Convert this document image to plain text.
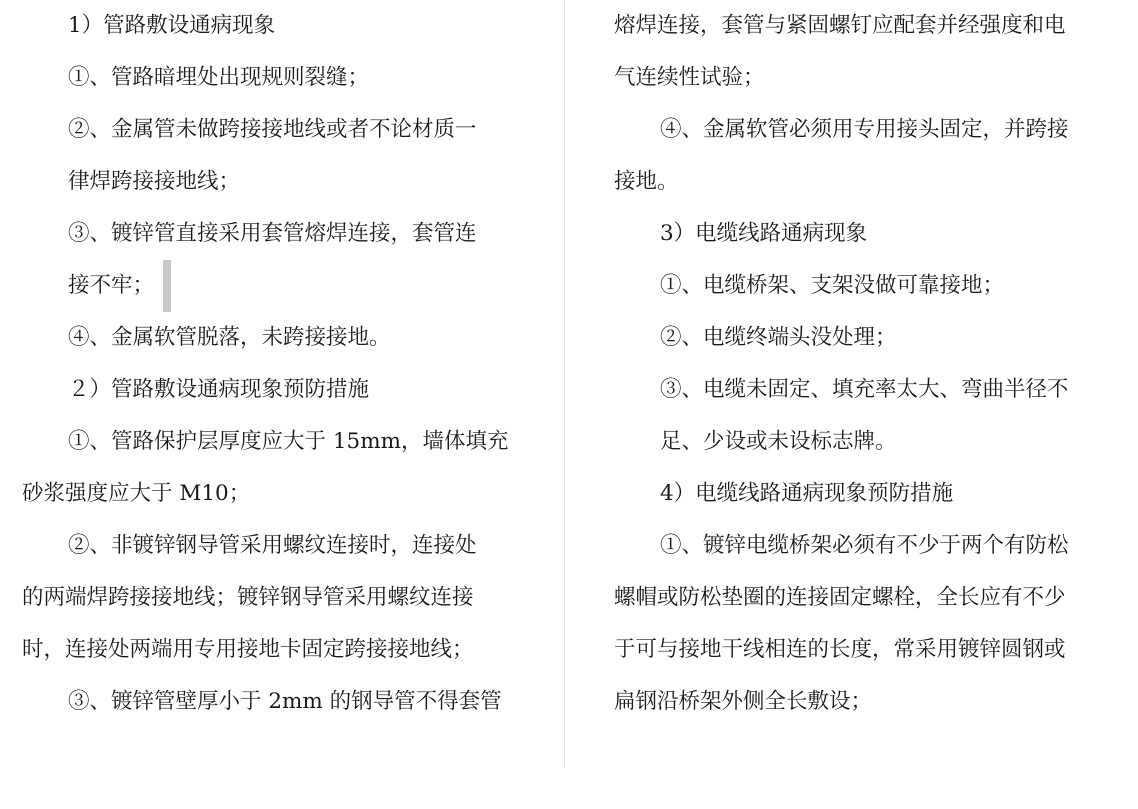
1）管路敷设通病现象
①、管路暗埋处出现规则裂缝；
②、金属管未做跨接接地线或者不论材质一
律焊跨接接地线；
③、镀锌管直接采用套管熔焊连接，套管连
接不牢；
④、金属软管脱落，未跨接接地。
２）管路敷设通病现象预防措施
①、管路保护层厚度应大于 15mm，墙体填充
砂浆强度应大于 M10；
②、非镀锌钢导管采用螺纹连接时，连接处
的两端焊跨接接地线；镀锌钢导管采用螺纹连接
时，连接处两端用专用接地卡固定跨接接地线；
③、镀锌管壁厚小于 2mm 的钢导管不得套管
熔焊连接，套管与紧固螺钉应配套并经强度和电
气连续性试验；
④、金属软管必须用专用接头固定，并跨接
接地。
3）电缆线路通病现象
①、电缆桥架、支架没做可靠接地；
②、电缆终端头没处理；
③、电缆未固定、填充率太大、弯曲半径不
足、少设或未设标志牌。
4）电缆线路通病现象预防措施
①、镀锌电缆桥架必须有不少于两个有防松
螺帽或防松垫圈的连接固定螺栓，全长应有不少
于可与接地干线相连的长度，常采用镀锌圆钢或
扁钢沿桥架外侧全长敷设；
